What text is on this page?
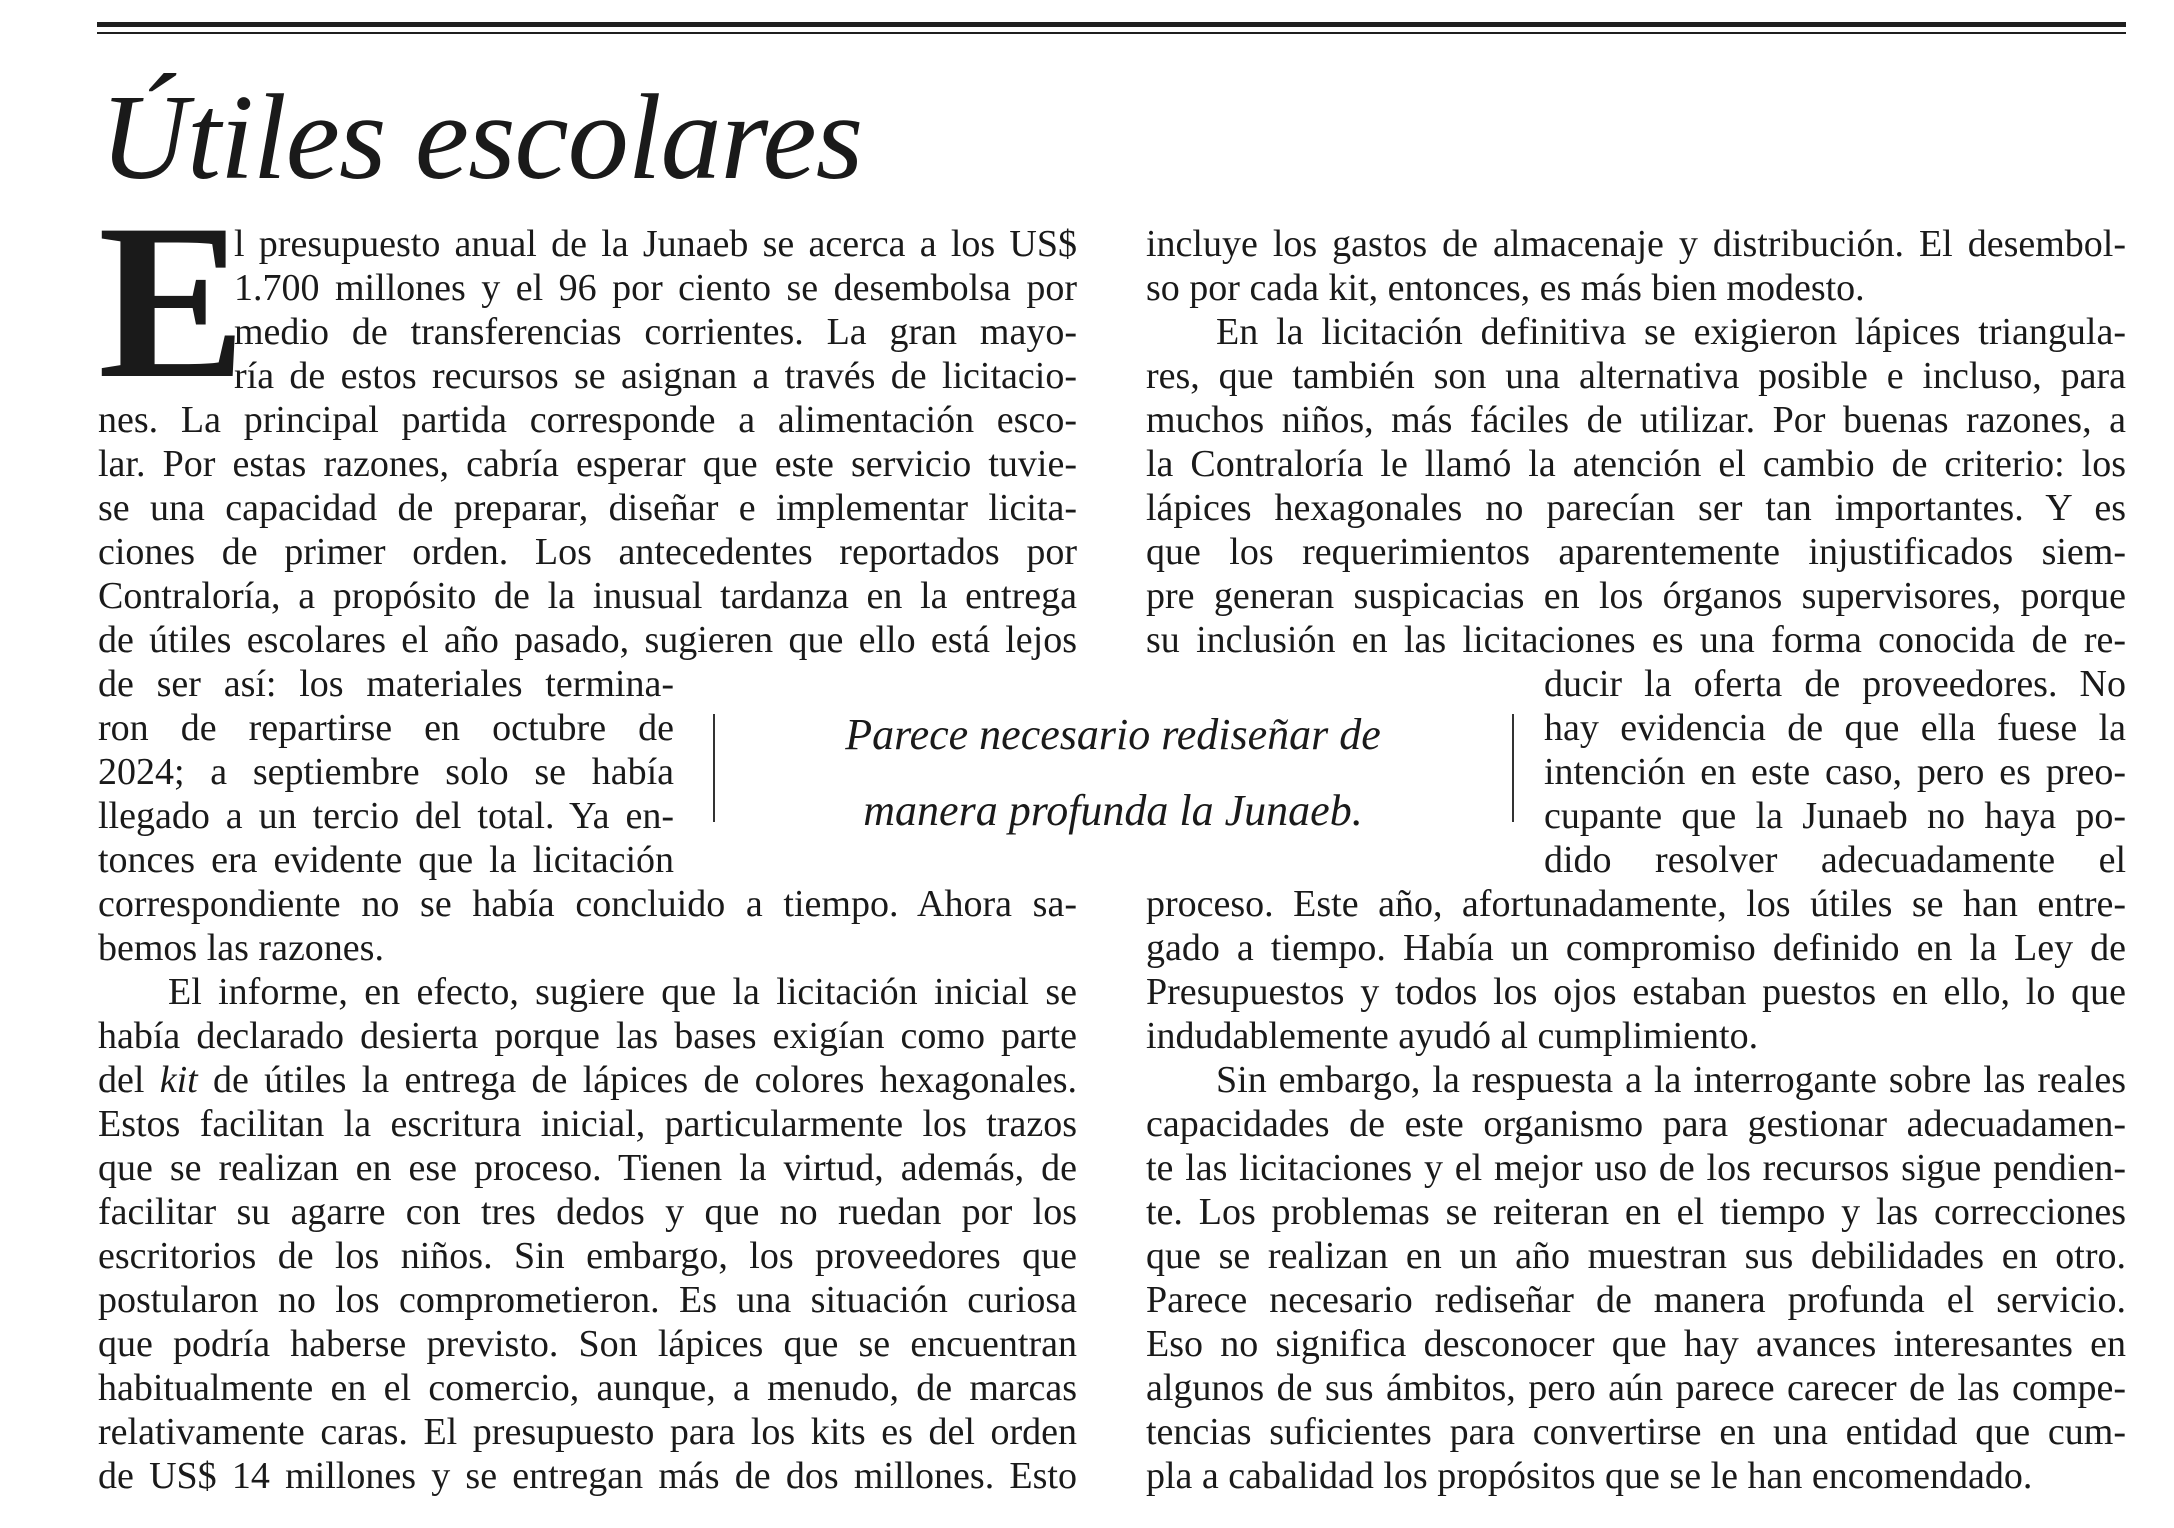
Útiles escolares
E
Parece necesario rediseñar de
manera profunda la Junaeb.
l presupuesto anual de la Junaeb se acerca a los US$
1.700 millones y el 96 por ciento se desembolsa por
medio de transferencias corrientes. La gran mayo-
ría de estos recursos se asignan a través de licitacio-
nes. La principal partida corresponde a alimentación esco-
lar. Por estas razones, cabría esperar que este servicio tuvie-
se una capacidad de preparar, diseñar e implementar licita-
ciones de primer orden. Los antecedentes reportados por
Contraloría, a propósito de la inusual tardanza en la entrega
de útiles escolares el año pasado, sugieren que ello está lejos
de ser así: los materiales termina-
ron de repartirse en octubre de
2024; a septiembre solo se había
llegado a un tercio del total. Ya en-
tonces era evidente que la licitación
correspondiente no se había concluido a tiempo. Ahora sa-
bemos las razones.
El informe, en efecto, sugiere que la licitación inicial se
había declarado desierta porque las bases exigían como parte
del kit de útiles la entrega de lápices de colores hexagonales.
Estos facilitan la escritura inicial, particularmente los trazos
que se realizan en ese proceso. Tienen la virtud, además, de
facilitar su agarre con tres dedos y que no ruedan por los
escritorios de los niños. Sin embargo, los proveedores que
postularon no los comprometieron. Es una situación curiosa
que podría haberse previsto. Son lápices que se encuentran
habitualmente en el comercio, aunque, a menudo, de marcas
relativamente caras. El presupuesto para los kits es del orden
de US$ 14 millones y se entregan más de dos millones. Esto
incluye los gastos de almacenaje y distribución. El desembol-
so por cada kit, entonces, es más bien modesto.
En la licitación definitiva se exigieron lápices triangula-
res, que también son una alternativa posible e incluso, para
muchos niños, más fáciles de utilizar. Por buenas razones, a
la Contraloría le llamó la atención el cambio de criterio: los
lápices hexagonales no parecían ser tan importantes. Y es
que los requerimientos aparentemente injustificados siem-
pre generan suspicacias en los órganos supervisores, porque
su inclusión en las licitaciones es una forma conocida de re-
ducir la oferta de proveedores. No
hay evidencia de que ella fuese la
intención en este caso, pero es preo-
cupante que la Junaeb no haya po-
dido resolver adecuadamente el
proceso. Este año, afortunadamente, los útiles se han entre-
gado a tiempo. Había un compromiso definido en la Ley de
Presupuestos y todos los ojos estaban puestos en ello, lo que
indudablemente ayudó al cumplimiento.
Sin embargo, la respuesta a la interrogante sobre las reales
capacidades de este organismo para gestionar adecuadamen-
te las licitaciones y el mejor uso de los recursos sigue pendien-
te. Los problemas se reiteran en el tiempo y las correcciones
que se realizan en un año muestran sus debilidades en otro.
Parece necesario rediseñar de manera profunda el servicio.
Eso no significa desconocer que hay avances interesantes en
algunos de sus ámbitos, pero aún parece carecer de las compe-
tencias suficientes para convertirse en una entidad que cum-
pla a cabalidad los propósitos que se le han encomendado.
